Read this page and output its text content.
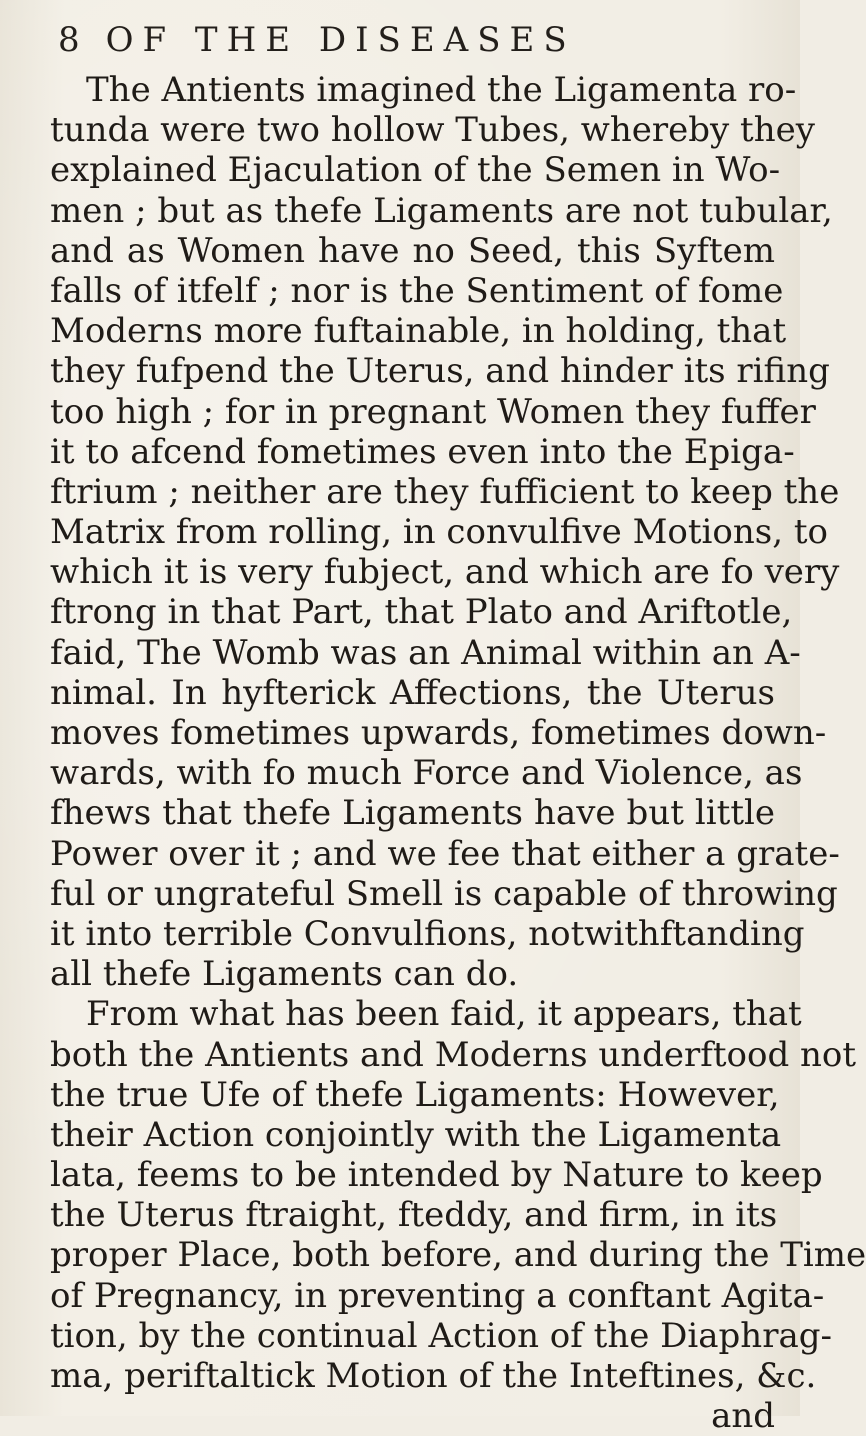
8 OF THE DISEASES
The Antients imagined the Ligamenta ro-
tunda were two hollow Tubes, whereby they
explained Ejaculation of the Semen in Wo-
men ; but as thefe Ligaments are not tubular,
and as Women have no Seed, this Syftem
falls of itfelf ; nor is the Sentiment of fome
Moderns more fuftainable, in holding, that
they fufpend the Uterus, and hinder its rifing
too high ; for in pregnant Women they fuffer
it to afcend fometimes even into the Epiga-
ftrium ; neither are they fufficient to keep the
Matrix from rolling, in convulfive Motions, to
which it is very fubject, and which are fo very
ftrong in that Part, that Plato and Ariftotle,
faid, The Womb was an Animal within an A-
nimal. In hyfterick Affections, the Uterus
moves fometimes upwards, fometimes down-
wards, with fo much Force and Violence, as
fhews that thefe Ligaments have but little
Power over it ; and we fee that either a grate-
ful or ungrateful Smell is capable of throwing
it into terrible Convulfions, notwithftanding
all thefe Ligaments can do.
From what has been faid, it appears, that
both the Antients and Moderns underftood not
the true Ufe of thefe Ligaments: However,
their Action conjointly with the Ligamenta
lata, feems to be intended by Nature to keep
the Uterus ftraight, fteddy, and firm, in its
proper Place, both before, and during the Time
of Pregnancy, in preventing a conftant Agita-
tion, by the continual Action of the Diaphrag-
ma, periftaltick Motion of the Inteftines, &c.
and
